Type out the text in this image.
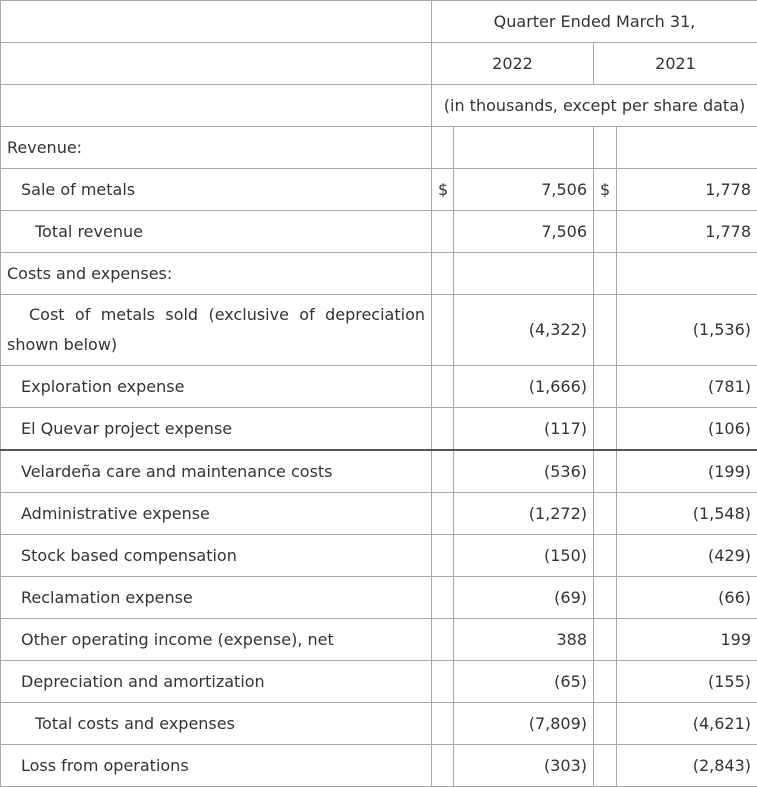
	Quarter Ended March 31,			
	2022		2021	
	(in thousands, except per share data)			
Revenue:				
Sale of metals	$	7,506	$	1,778
Total revenue		7,506		1,778
Costs and expenses:				
Cost of metals sold (exclusive of depreciation shown below)		(4,322)		(1,536)
Exploration expense		(1,666)		(781)
El Quevar project expense		(117)		(106)
Velardeña care and maintenance costs		(536)		(199)
Administrative expense		(1,272)		(1,548)
Stock based compensation		(150)		(429)
Reclamation expense		(69)		(66)
Other operating income (expense), net		388		199
Depreciation and amortization		(65)		(155)
Total costs and expenses		(7,809)		(4,621)
Loss from operations		(303)		(2,843)
